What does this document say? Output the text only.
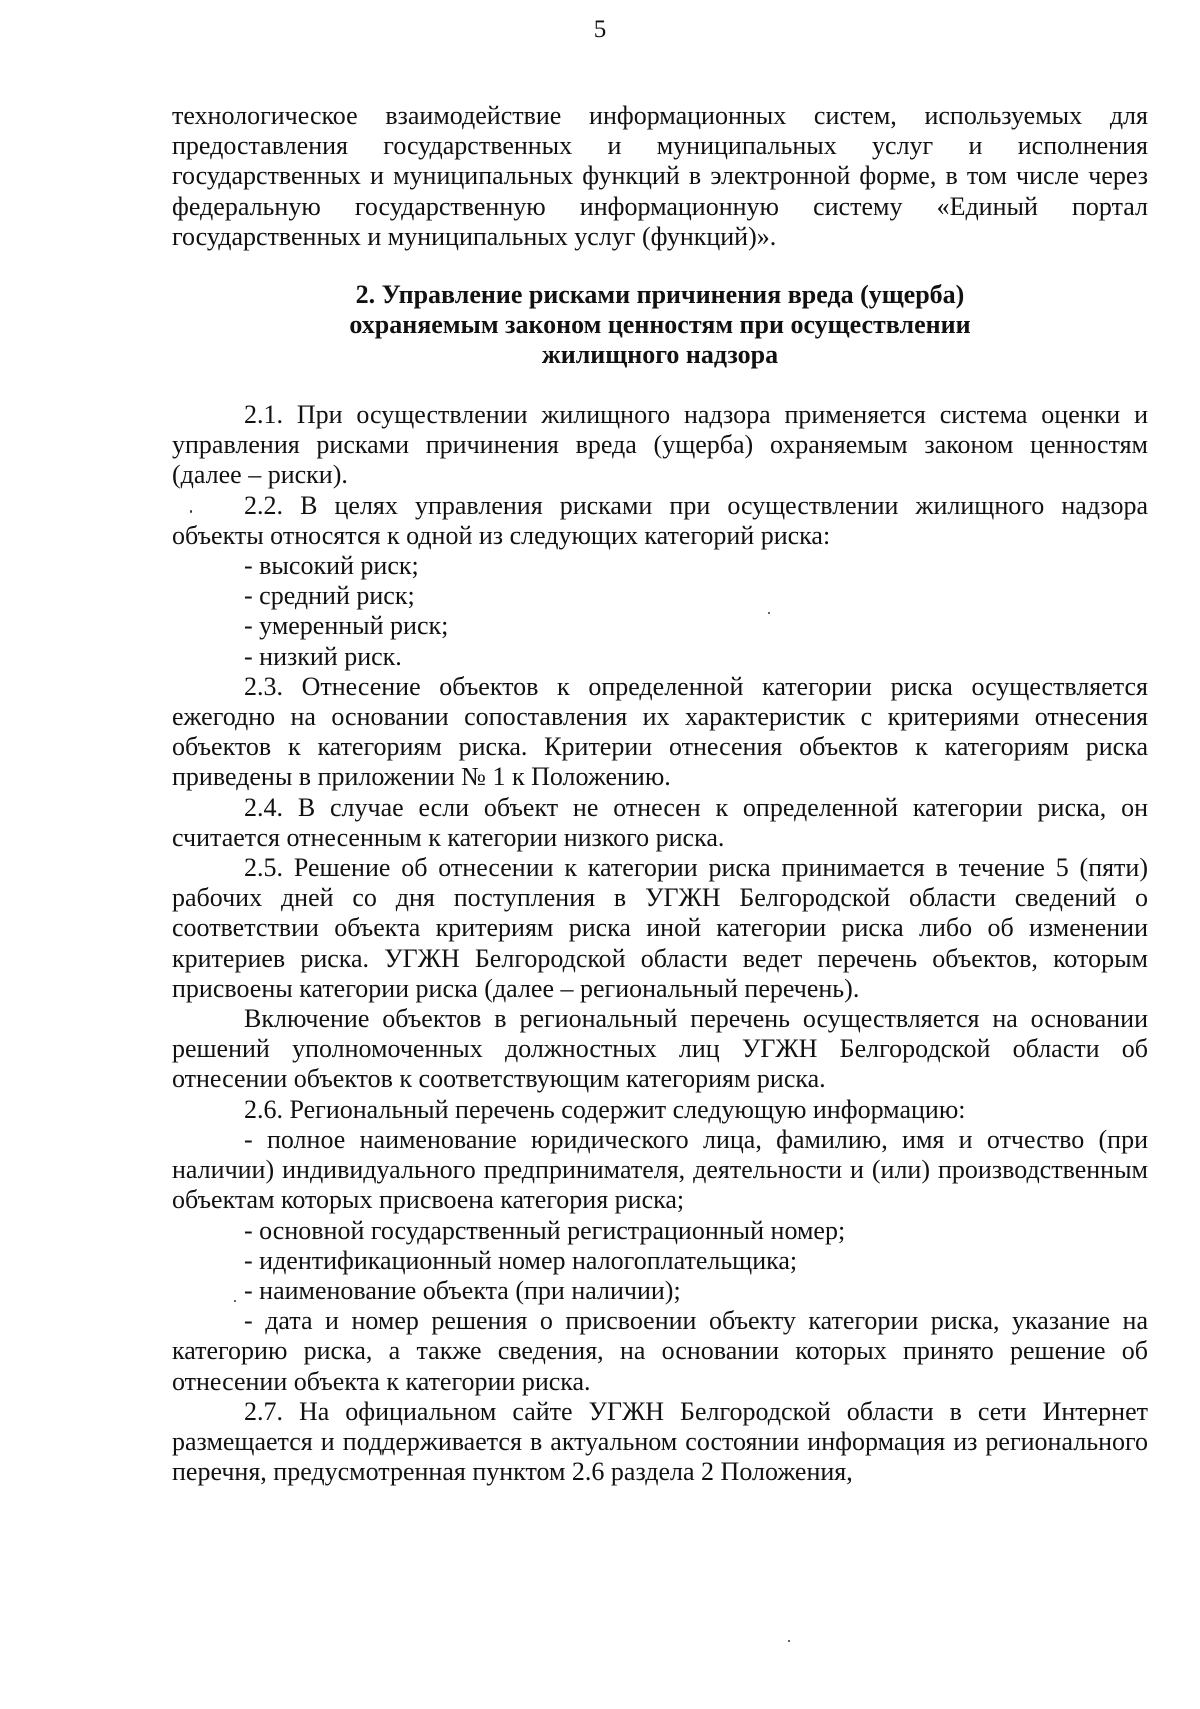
5

технологическое взаимодействие информационных систем, используемых для предоставления государственных и муниципальных услуг и исполнения государственных и муниципальных функций в электронной форме, в том числе через федеральную государственную информационную систему «Единый портал государственных и муниципальных услуг (функций)».

2. Управление рисками причинения вреда (ущерба)
охраняемым законом ценностям при осуществлении
жилищного надзора

2.1. При осуществлении жилищного надзора применяется система оценки и управления рисками причинения вреда (ущерба) охраняемым законом ценностям (далее – риски).

2.2. В целях управления рисками при осуществлении жилищного надзора объекты относятся к одной из следующих категорий риска:

- высокий риск;

- средний риск;

- умеренный риск;

- низкий риск.

2.3. Отнесение объектов к определенной категории риска осуществляется ежегодно на основании сопоставления их характеристик с критериями отнесения объектов к категориям риска. Критерии отнесения объектов к категориям риска приведены в приложении № 1 к Положению.

2.4. В случае если объект не отнесен к определенной категории риска, он считается отнесенным к категории низкого риска.

2.5. Решение об отнесении к категории риска принимается в течение 5 (пяти) рабочих дней со дня поступления в УГЖН Белгородской области сведений о соответствии объекта критериям риска иной категории риска либо об изменении критериев риска. УГЖН Белгородской области ведет перечень объектов, которым присвоены категории риска (далее – региональный перечень).

Включение объектов в региональный перечень осуществляется на основании решений уполномоченных должностных лиц УГЖН Белгородской области об отнесении объектов к соответствующим категориям риска.

2.6. Региональный перечень содержит следующую информацию:

- полное наименование юридического лица, фамилию, имя и отчество (при наличии) индивидуального предпринимателя, деятельности и (или) производственным объектам которых присвоена категория риска;

- основной государственный регистрационный номер;

- идентификационный номер налогоплательщика;

- наименование объекта (при наличии);

- дата и номер решения о присвоении объекту категории риска, указание на категорию риска, а также сведения, на основании которых принято решение об отнесении объекта к категории риска.

2.7. На официальном сайте УГЖН Белгородской области в сети Интернет размещается и поддерживается в актуальном состоянии информация из регионального перечня, предусмотренная пунктом 2.6 раздела 2 Положения,
